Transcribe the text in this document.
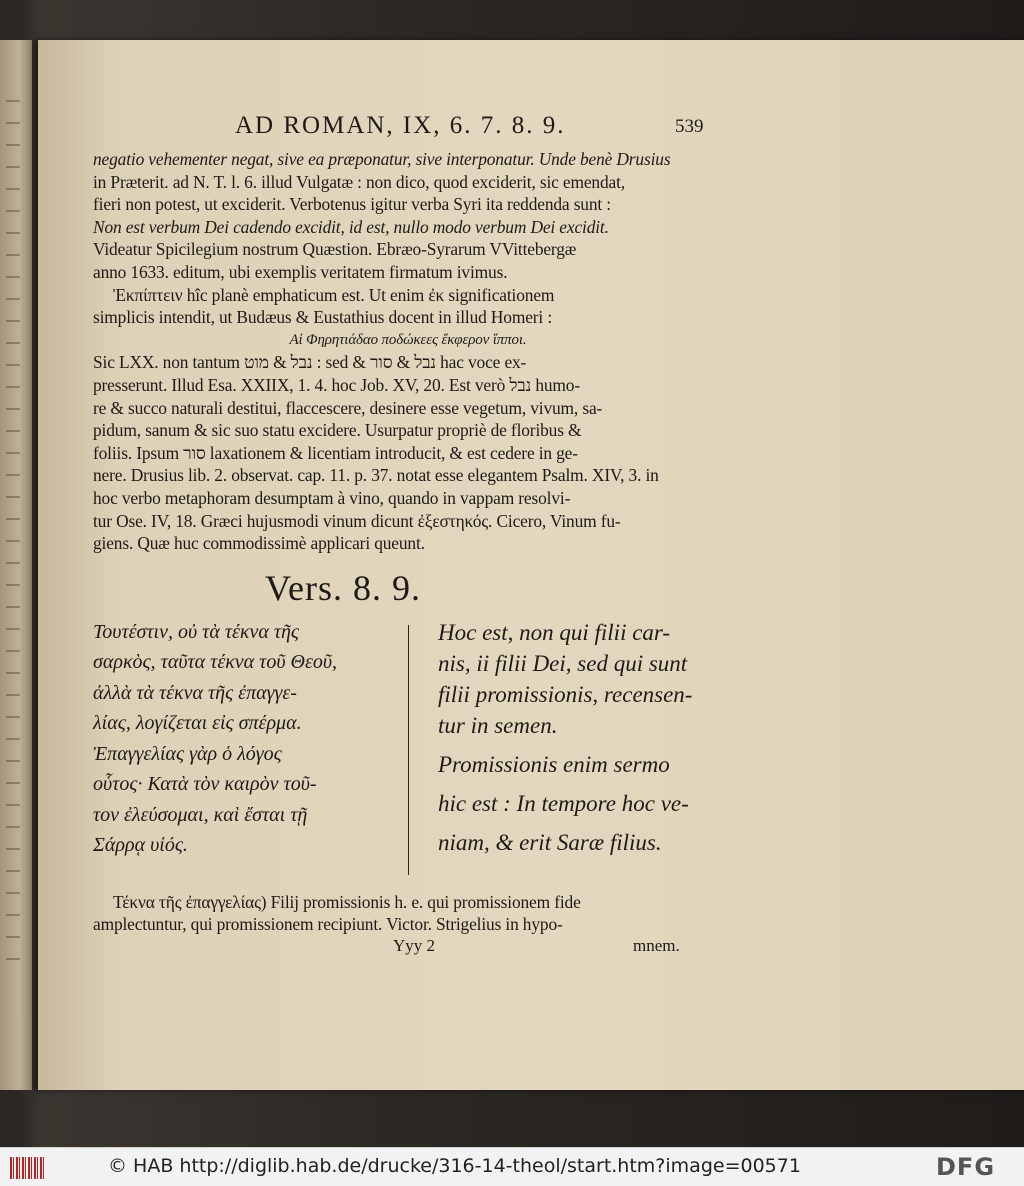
AD ROMAN, IX, 6. 7. 8. 9.	539
negatio vehementer negat, sive ea præponatur, sive interponatur. Unde benè Drusius
in Præterit. ad N. T. l. 6. illud Vulgatæ : non dico, quod exciderit, sic emendat,
fieri non potest, ut exciderit. Verbotenus igitur verba Syri ita reddenda sunt :
Non est verbum Dei cadendo excidit, id est, nullo modo verbum Dei excidit.
Videatur Spicilegium nostrum Quæstion. Ebræo-Syrarum VVittebergæ
anno 1633. editum, ubi exemplis veritatem firmatum ivimus.
Ἐκπίπτειν hîc planè emphaticum est. Ut enim ἐκ significationem
simplicis intendit, ut Budæus & Eustathius docent in illud Homeri :
Αἱ Φηρητιάδαο ποδώκεες ἔκφερον ἵπποι.
Sic LXX. non tantum נבל & מוט : sed & נבל & סור hac voce ex-
presserunt. Illud Esa. XXIIX, 1. 4. hoc Job. XV, 20. Est verò נבל humo-
re & succo naturali destitui, flaccescere, desinere esse vegetum, vivum, sa-
pidum, sanum & sic suo statu excidere. Usurpatur propriè de floribus &
foliis. Ipsum סור laxationem & licentiam introducit, & est cedere in ge-
nere. Drusius lib. 2. observat. cap. 11. p. 37. notat esse elegantem Psalm. XIV, 3. in
hoc verbo metaphoram desumptam à vino, quando in vappam resolvi-
tur Ose. IV, 18. Græci hujusmodi vinum dicunt ἐξεστηκός. Cicero, Vinum fu-
giens. Quæ huc commodissimè applicari queunt.
Vers. 8. 9.
Τουτέστιν, οὐ τὰ τέκνα τῆς
σαρκὸς, ταῦτα τέκνα τοῦ Θεοῦ,
ἀλλὰ τὰ τέκνα τῆς ἐπαγγε-
λίας, λογίζεται εἰς σπέρμα.
Ἐπαγγελίας γὰρ ὁ λόγος
οὗτος· Κατὰ τὸν καιρὸν τοῦ-
τον ἐλεύσομαι, καὶ ἔσται τῇ
Σάρρᾳ υἱός.
Hoc est, non qui filii car-
nis, ii filii Dei, sed qui sunt
filii promissionis, recensen-
tur in semen.
Promissionis enim sermo
hic est : In tempore hoc ve-
niam, & erit Saræ filius.
Τέκνα τῆς ἐπαγγελίας) Filij promissionis h. e. qui promissionem fide
amplectuntur, qui promissionem recipiunt. Victor. Strigelius in hypo-
Yyy 2	mnem.
© HAB http://diglib.hab.de/drucke/316-14-theol/start.htm?image=00571	DFG
